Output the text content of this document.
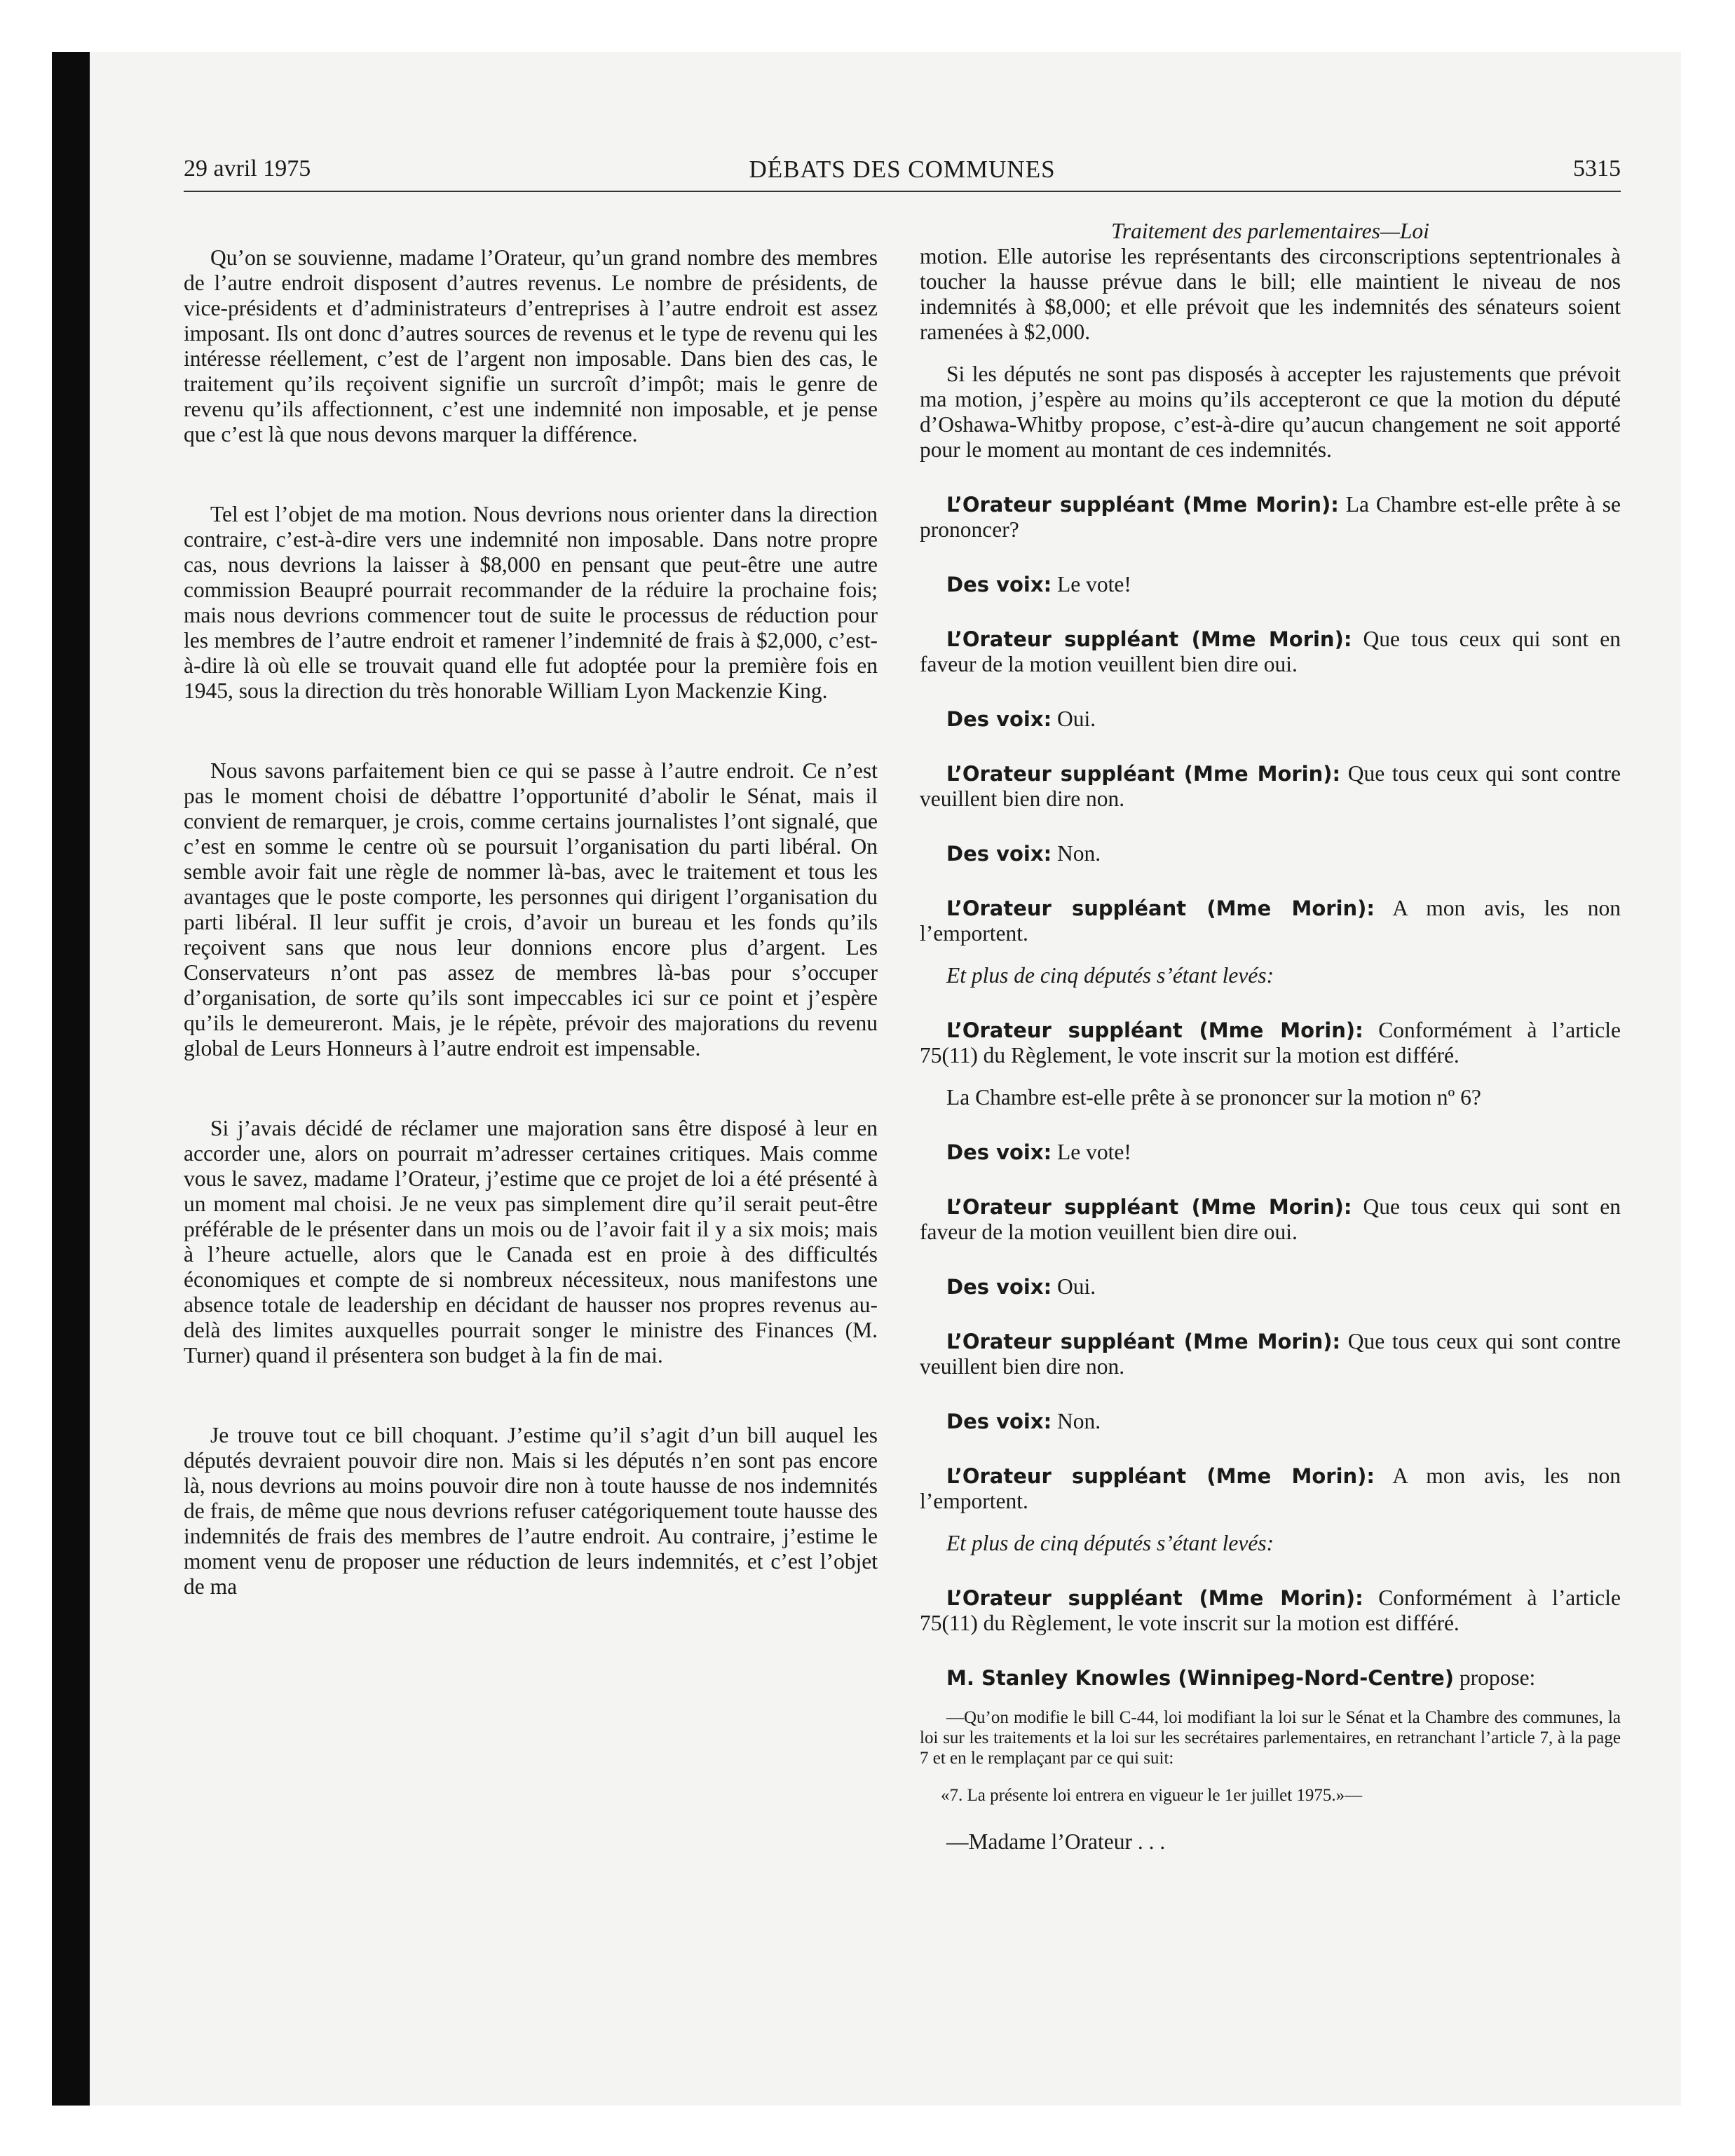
29 avril 1975	DÉBATS DES COMMUNES	5315

Qu’on se souvienne, madame l’Orateur, qu’un grand nombre des membres de l’autre endroit disposent d’autres revenus. Le nombre de présidents, de vice-présidents et d’administrateurs d’entreprises à l’autre endroit est assez imposant. Ils ont donc d’autres sources de revenus et le type de revenu qui les intéresse réellement, c’est de l’argent non imposable. Dans bien des cas, le traitement qu’ils reçoivent signifie un surcroît d’impôt; mais le genre de revenu qu’ils affectionnent, c’est une indemnité non imposable, et je pense que c’est là que nous devons marquer la différence.

Tel est l’objet de ma motion. Nous devrions nous orienter dans la direction contraire, c’est-à-dire vers une indemnité non imposable. Dans notre propre cas, nous devrions la laisser à $8,000 en pensant que peut-être une autre commission Beaupré pourrait recommander de la réduire la prochaine fois; mais nous devrions commencer tout de suite le processus de réduction pour les membres de l’autre endroit et ramener l’indemnité de frais à $2,000, c’est-à-dire là où elle se trouvait quand elle fut adoptée pour la première fois en 1945, sous la direction du très honorable William Lyon Mackenzie King.

Nous savons parfaitement bien ce qui se passe à l’autre endroit. Ce n’est pas le moment choisi de débattre l’opportunité d’abolir le Sénat, mais il convient de remarquer, je crois, comme certains journalistes l’ont signalé, que c’est en somme le centre où se poursuit l’organisation du parti libéral. On semble avoir fait une règle de nommer là-bas, avec le traitement et tous les avantages que le poste comporte, les personnes qui dirigent l’organisation du parti libéral. Il leur suffit je crois, d’avoir un bureau et les fonds qu’ils reçoivent sans que nous leur donnions encore plus d’argent. Les Conservateurs n’ont pas assez de membres là-bas pour s’occuper d’organisation, de sorte qu’ils sont impeccables ici sur ce point et j’espère qu’ils le demeureront. Mais, je le répète, prévoir des majorations du revenu global de Leurs Honneurs à l’autre endroit est impensable.

Si j’avais décidé de réclamer une majoration sans être disposé à leur en accorder une, alors on pourrait m’adresser certaines critiques. Mais comme vous le savez, madame l’Orateur, j’estime que ce projet de loi a été présenté à un moment mal choisi. Je ne veux pas simplement dire qu’il serait peut-être préférable de le présenter dans un mois ou de l’avoir fait il y a six mois; mais à l’heure actuelle, alors que le Canada est en proie à des difficultés économiques et compte de si nombreux nécessiteux, nous manifestons une absence totale de leadership en décidant de hausser nos propres revenus au-delà des limites auxquelles pourrait songer le ministre des Finances (M. Turner) quand il présentera son budget à la fin de mai.

Je trouve tout ce bill choquant. J’estime qu’il s’agit d’un bill auquel les députés devraient pouvoir dire non. Mais si les députés n’en sont pas encore là, nous devrions au moins pouvoir dire non à toute hausse de nos indemnités de frais, de même que nous devrions refuser catégoriquement toute hausse des indemnités de frais des membres de l’autre endroit. Au contraire, j’estime le moment venu de proposer une réduction de leurs indemnités, et c’est l’objet de ma

Traitement des parlementaires—Loi

motion. Elle autorise les représentants des circonscriptions septentrionales à toucher la hausse prévue dans le bill; elle maintient le niveau de nos indemnités à $8,000; et elle prévoit que les indemnités des sénateurs soient ramenées à $2,000.

Si les députés ne sont pas disposés à accepter les rajustements que prévoit ma motion, j’espère au moins qu’ils accepteront ce que la motion du député d’Oshawa-Whitby propose, c’est-à-dire qu’aucun changement ne soit apporté pour le moment au montant de ces indemnités.

L’Orateur suppléant (Mme Morin): La Chambre est-elle prête à se prononcer?

Des voix: Le vote!

L’Orateur suppléant (Mme Morin): Que tous ceux qui sont en faveur de la motion veuillent bien dire oui.

Des voix: Oui.

L’Orateur suppléant (Mme Morin): Que tous ceux qui sont contre veuillent bien dire non.

Des voix: Non.

L’Orateur suppléant (Mme Morin): A mon avis, les non l’emportent.

Et plus de cinq députés s’étant levés:

L’Orateur suppléant (Mme Morin): Conformément à l’article 75(11) du Règlement, le vote inscrit sur la motion est différé.

La Chambre est-elle prête à se prononcer sur la motion nº 6?

Des voix: Le vote!

L’Orateur suppléant (Mme Morin): Que tous ceux qui sont en faveur de la motion veuillent bien dire oui.

Des voix: Oui.

L’Orateur suppléant (Mme Morin): Que tous ceux qui sont contre veuillent bien dire non.

Des voix: Non.

L’Orateur suppléant (Mme Morin): A mon avis, les non l’emportent.

Et plus de cinq députés s’étant levés:

L’Orateur suppléant (Mme Morin): Conformément à l’article 75(11) du Règlement, le vote inscrit sur la motion est différé.

M. Stanley Knowles (Winnipeg-Nord-Centre) propose:

—Qu’on modifie le bill C-44, loi modifiant la loi sur le Sénat et la Chambre des communes, la loi sur les traitements et la loi sur les secrétaires parlementaires, en retranchant l’article 7, à la page 7 et en le remplaçant par ce qui suit:

«7. La présente loi entrera en vigueur le 1er juillet 1975.»—

—Madame l’Orateur . . .
